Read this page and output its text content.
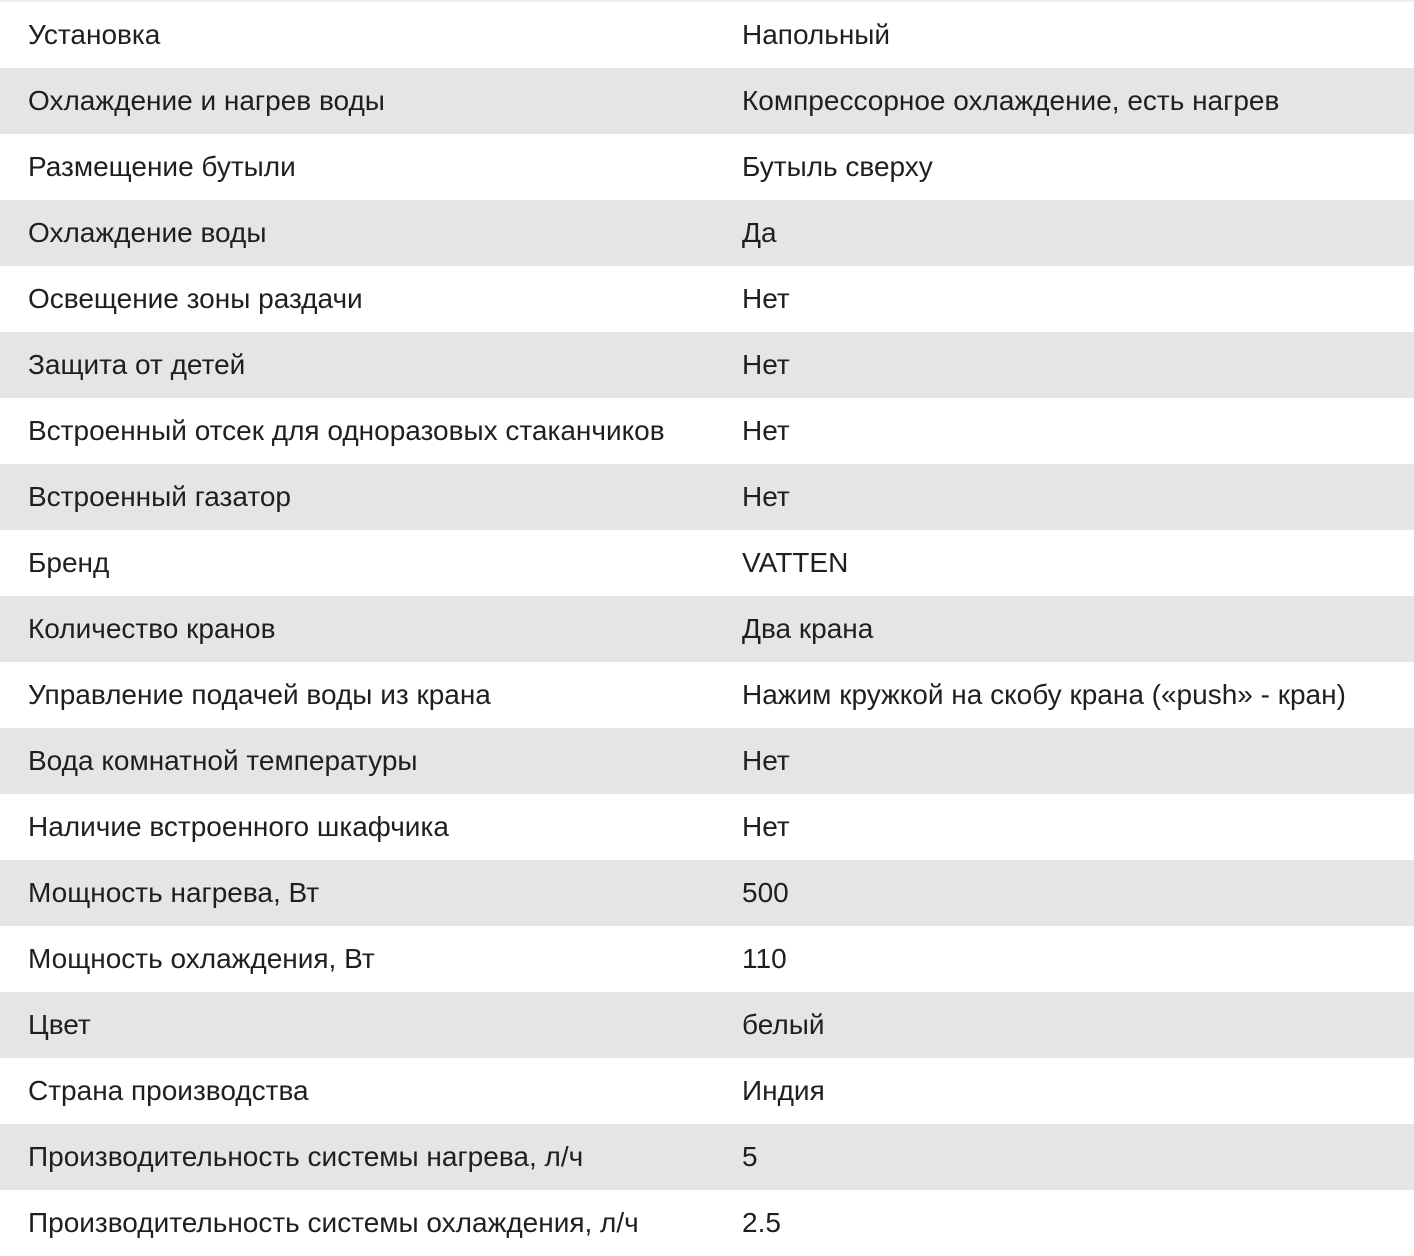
Установка	Напольный
Охлаждение и нагрев воды	Компрессорное охлаждение, есть нагрев
Размещение бутыли	Бутыль сверху
Охлаждение воды	Да
Освещение зоны раздачи	Нет
Защита от детей	Нет
Встроенный отсек для одноразовых стаканчиков	Нет
Встроенный газатор	Нет
Бренд	VATTEN
Количество кранов	Два крана
Управление подачей воды из крана	Нажим кружкой на скобу крана («push» - кран)
Вода комнатной температуры	Нет
Наличие встроенного шкафчика	Нет
Мощность нагрева, Вт	500
Мощность охлаждения, Вт	110
Цвет	белый
Страна производства	Индия
Производительность системы нагрева, л/ч	5
Производительность системы охлаждения, л/ч	2.5
